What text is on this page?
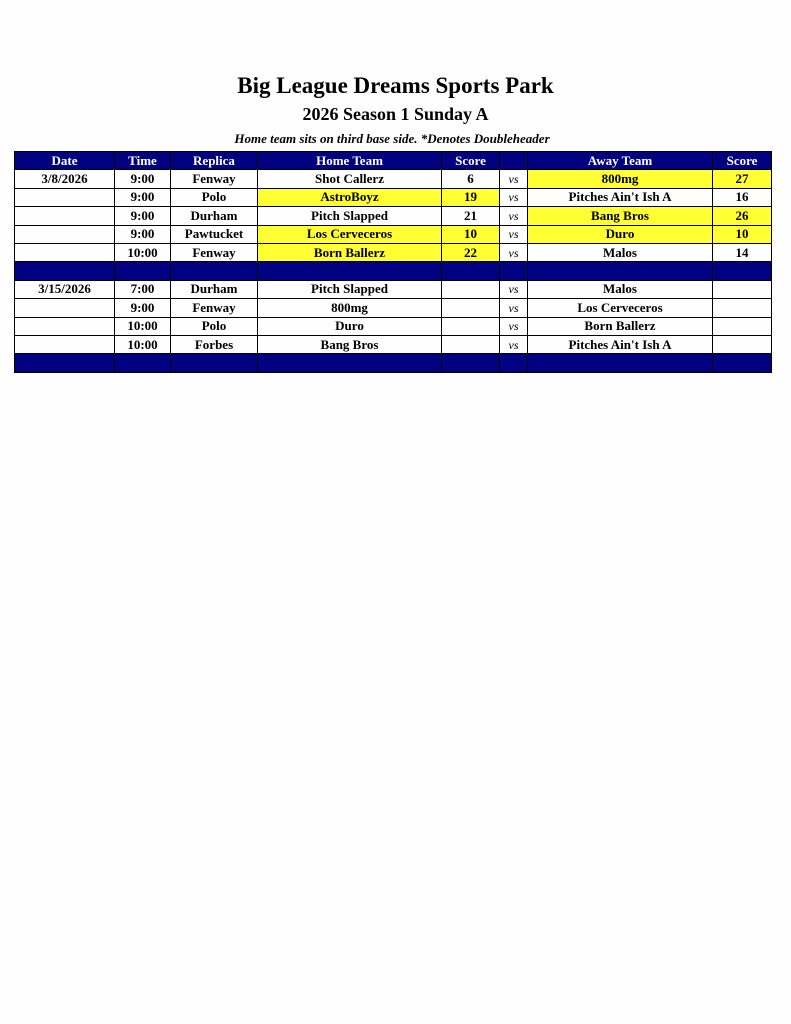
Big League Dreams Sports Park
2026 Season 1 Sunday A
Home team sits on third base side. *Denotes Doubleheader
Date	Time	Replica	Home Team	Score		Away Team	Score
3/8/2026	9:00	Fenway	Shot Callerz	6	vs	800mg	27
	9:00	Polo	AstroBoyz	19	vs	Pitches Ain't Ish A	16
	9:00	Durham	Pitch Slapped	21	vs	Bang Bros	26
	9:00	Pawtucket	Los Cerveceros	10	vs	Duro	10
	10:00	Fenway	Born Ballerz	22	vs	Malos	14

3/15/2026	7:00	Durham	Pitch Slapped		vs	Malos	
	9:00	Fenway	800mg		vs	Los Cerveceros	
	10:00	Polo	Duro		vs	Born Ballerz	
	10:00	Forbes	Bang Bros		vs	Pitches Ain't Ish A	
